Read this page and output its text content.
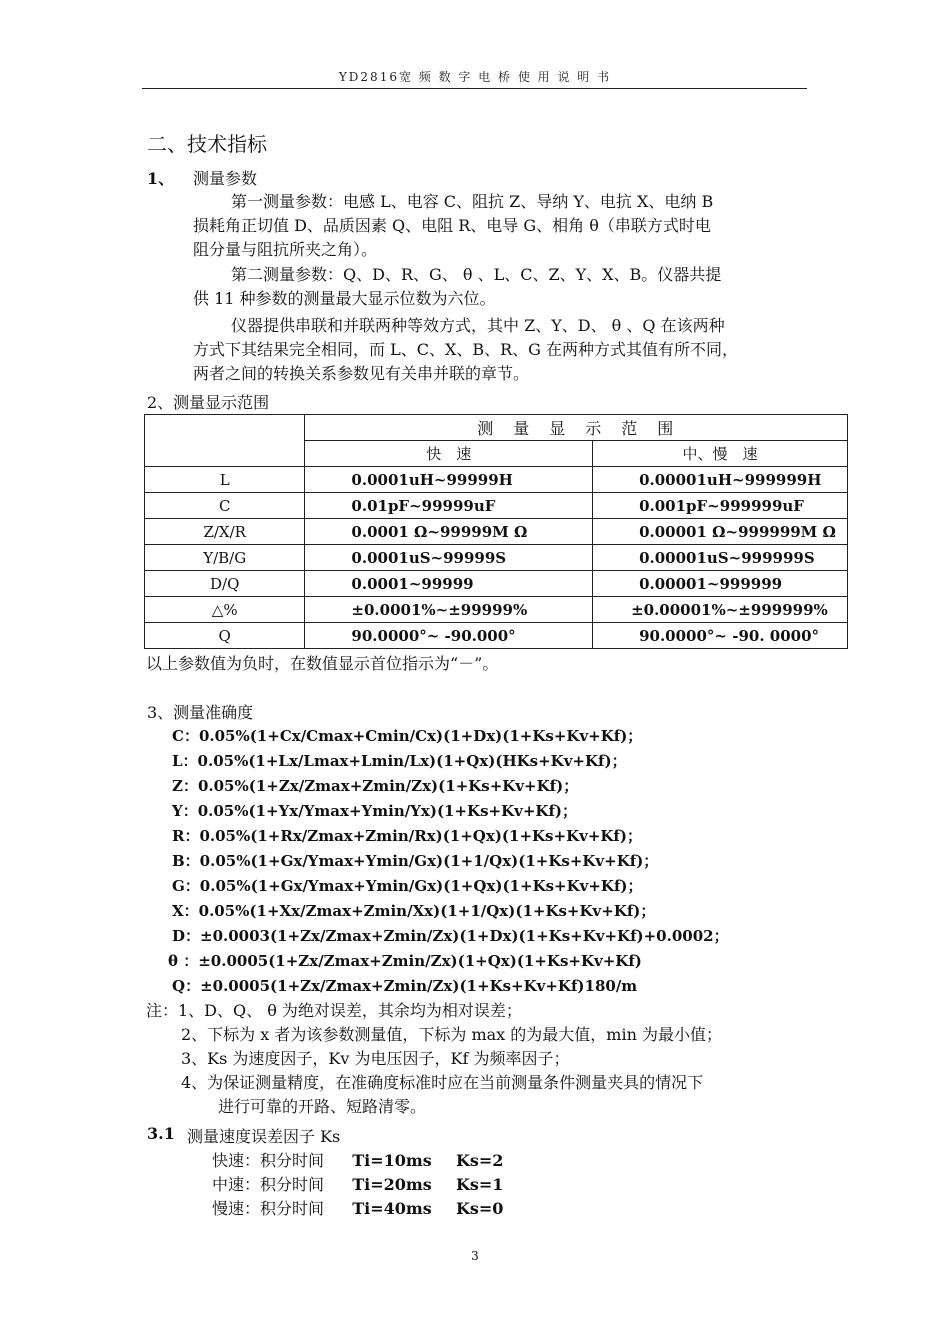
YD2816宽 频 数 字 电 桥 使 用 说 明 书
二、技术指标
1、 测量参数
第一测量参数：电感 L、电容 C、阻抗 Z、导纳 Y、电抗 X、电纳 B
损耗角正切值 D、品质因素 Q、电阻 R、电导 G、相角 θ（串联方式时电
阻分量与阻抗所夹之角）。
第二测量参数：Q、D、R、G、 θ 、L、C、Z、Y、X、B。仪器共提
供 11 种参数的测量最大显示位数为六位。
仪器提供串联和并联两种等效方式，其中 Z、Y、D、 θ 、Q 在该两种
方式下其结果完全相同，而 L、C、X、B、R、G 在两种方式其值有所不同，
两者之间的转换关系参数见有关串并联的章节。
2、测量显示范围
	测　量　显　示　范　围	
	快　速	中、慢　速
L	0.0001uH~99999H	0.00001uH~999999H
C	0.01pF~99999uF	0.001pF~999999uF
Z/X/R	0.0001 Ω~99999M Ω	0.00001 Ω~999999M Ω
Y/B/G	0.0001uS~99999S	0.00001uS~999999S
D/Q	0.0001~99999	0.00001~999999
△%	±0.0001%~±99999%	±0.00001%~±999999%
Q	90.0000°~ -90.000°	90.0000°~ -90. 0000°
以上参数值为负时，在数值显示首位指示为“－”。
3、测量准确度
C：0.05%(1+Cx/Cmax+Cmin/Cx)(1+Dx)(1+Ks+Kv+Kf)；
L：0.05%(1+Lx/Lmax+Lmin/Lx)(1+Qx)(HKs+Kv+Kf)；
Z：0.05%(1+Zx/Zmax+Zmin/Zx)(1+Ks+Kv+Kf)；
Y：0.05%(1+Yx/Ymax+Ymin/Yx)(1+Ks+Kv+Kf)；
R：0.05%(1+Rx/Zmax+Zmin/Rx)(1+Qx)(1+Ks+Kv+Kf)；
B：0.05%(1+Gx/Ymax+Ymin/Gx)(1+1/Qx)(1+Ks+Kv+Kf)；
G：0.05%(1+Gx/Ymax+Ymin/Gx)(1+Qx)(1+Ks+Kv+Kf)；
X：0.05%(1+Xx/Zmax+Zmin/Xx)(1+1/Qx)(1+Ks+Kv+Kf)；
D：±0.0003(1+Zx/Zmax+Zmin/Zx)(1+Dx)(1+Ks+Kv+Kf)+0.0002；
θ ：±0.0005(1+Zx/Zmax+Zmin/Zx)(1+Qx)(1+Ks+Kv+Kf)
Q：±0.0005(1+Zx/Zmax+Zmin/Zx)(1+Ks+Kv+Kf)180/m
注：1、D、Q、 θ 为绝对误差，其余均为相对误差；
2、下标为 x 者为该参数测量值，下标为 max 的为最大值，min 为最小值；
3、Ks 为速度因子，Kv 为电压因子，Kf 为频率因子；
4、为保证测量精度，在准确度标准时应在当前测量条件测量夹具的情况下
进行可靠的开路、短路清零。
3.1 测量速度误差因子 Ks
快速：积分时间 Ti=10ms Ks=2
中速：积分时间 Ti=20ms Ks=1
慢速：积分时间 Ti=40ms Ks=0
3
